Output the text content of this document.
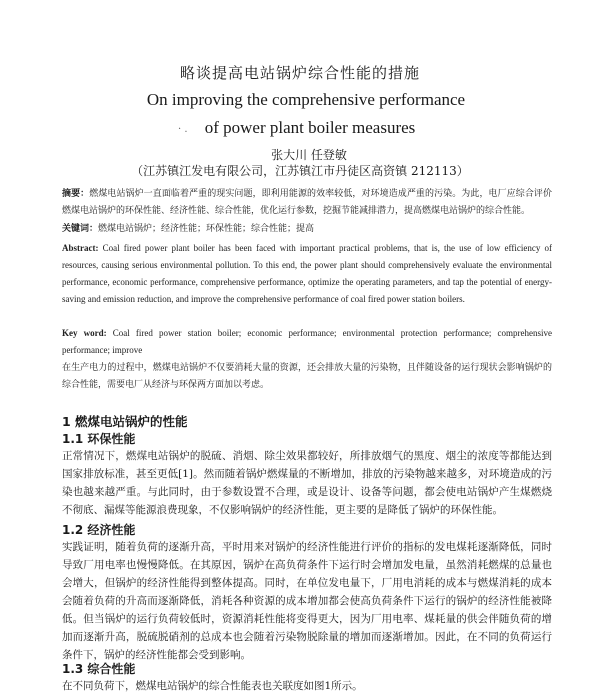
略谈提高电站锅炉综合性能的措施
On improving the comprehensive performance
· .	of power plant boiler measures
张大川 任登敏
（江苏镇江发电有限公司，江苏镇江市丹徒区高资镇 212113）
摘要：燃煤电站锅炉一直面临着严重的现实问题，即利用能源的效率较低，对环境造成严重的污染。为此，电厂应综合评价燃煤电站锅炉的环保性能、经济性能、综合性能，优化运行参数，挖掘节能减排潜力，提高燃煤电站锅炉的综合性能。
关键词：燃煤电站锅炉；经济性能；环保性能；综合性能；提高
Abstract: Coal fired power plant boiler has been faced with important practical problems, that is, the use of low efficiency of resources, causing serious environmental pollution. To this end, the power plant should comprehensively evaluate the environmental performance, economic performance, comprehensive performance, optimize the operating parameters, and tap the potential of energy-saving and emission reduction, and improve the comprehensive performance of coal fired power station boilers.
Key word: Coal fired power station boiler; economic performance; environmental protection performance; comprehensive performance; improve
在生产电力的过程中，燃煤电站锅炉不仅要消耗大量的资源，还会排放大量的污染物，且伴随设备的运行现状会影响锅炉的综合性能，需要电厂从经济与环保两方面加以考虑。
1 燃煤电站锅炉的性能
1.1 环保性能
正常情况下，燃煤电站锅炉的脱硫、消烟、除尘效果都较好，所排放烟气的黑度、烟尘的浓度等都能达到国家排放标准，甚至更低[1]。然而随着锅炉燃煤量的不断增加，排放的污染物越来越多，对环境造成的污染也越来越严重。与此同时，由于参数设置不合理，或是设计、设备等问题，都会使电站锅炉产生煤燃烧不彻底、漏煤等能源浪费现象，不仅影响锅炉的经济性能，更主要的是降低了锅炉的环保性能。
1.2 经济性能
实践证明，随着负荷的逐渐升高，平时用来对锅炉的经济性能进行评价的指标的发电煤耗逐渐降低，同时导致厂用电率也慢慢降低。在其原因，锅炉在高负荷条件下运行时会增加发电量，虽然消耗燃煤的总量也会增大，但锅炉的经济性能得到整体提高。同时，在单位发电量下，厂用电消耗的成本与燃煤消耗的成本会随着负荷的升高而逐渐降低，消耗各种资源的成本增加都会使高负荷条件下运行的锅炉的经济性能被降低。但当锅炉的运行负荷较低时，资源消耗性能将变得更大，因为厂用电率、煤耗量的供会伴随负荷的增加而逐渐升高，脱硫脱硝剂的总成本也会随着污染物脱除量的增加而逐渐增加。因此，在不同的负荷运行条件下，锅炉的经济性能都会受到影响。
1.3 综合性能
在不同负荷下，燃煤电站锅炉的综合性能表也关联度如图1所示。
